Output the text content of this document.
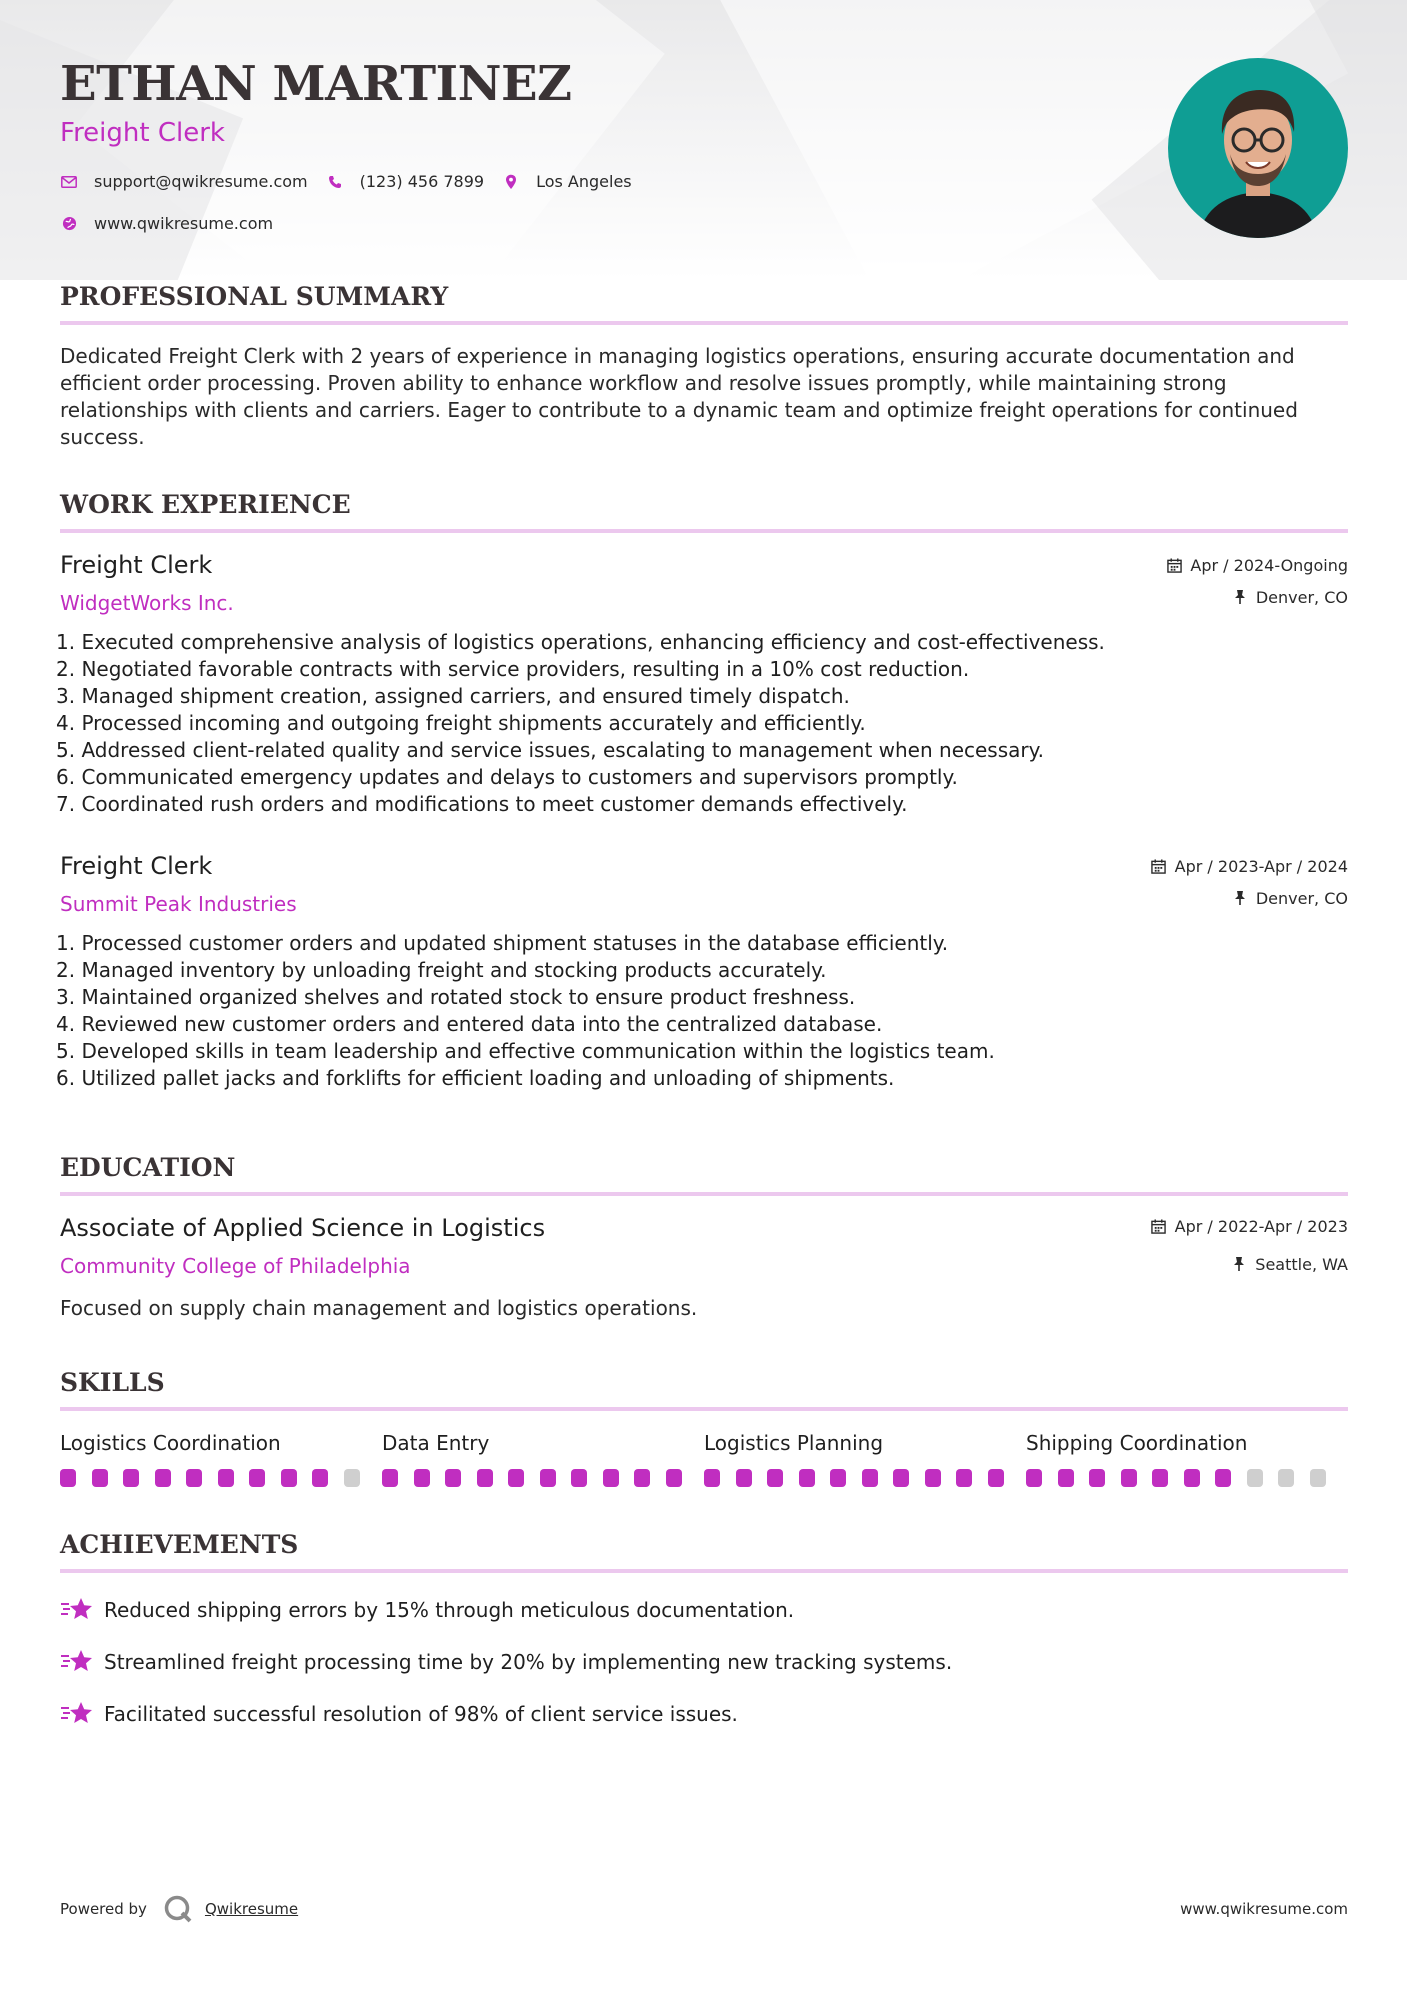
ETHAN MARTINEZ
Freight Clerk
support@qwikresume.com	(123) 456 7899	Los Angeles
www.qwikresume.com
PROFESSIONAL SUMMARY

Dedicated Freight Clerk with 2 years of experience in managing logistics operations, ensuring accurate documentation and efficient order processing. Proven ability to enhance workflow and resolve issues promptly, while maintaining strong relationships with clients and carriers. Eager to contribute to a dynamic team and optimize freight operations for continued success.

WORK EXPERIENCE
Freight Clerk
WidgetWorks Inc.
Apr / 2024-Ongoing
Denver, CO
1. Executed comprehensive analysis of logistics operations, enhancing efficiency and cost-effectiveness.
2. Negotiated favorable contracts with service providers, resulting in a 10% cost reduction.
3. Managed shipment creation, assigned carriers, and ensured timely dispatch.
4. Processed incoming and outgoing freight shipments accurately and efficiently.
5. Addressed client-related quality and service issues, escalating to management when necessary.
6. Communicated emergency updates and delays to customers and supervisors promptly.
7. Coordinated rush orders and modifications to meet customer demands effectively.
Freight Clerk
Summit Peak Industries
Apr / 2023-Apr / 2024
Denver, CO
1. Processed customer orders and updated shipment statuses in the database efficiently.
2. Managed inventory by unloading freight and stocking products accurately.
3. Maintained organized shelves and rotated stock to ensure product freshness.
4. Reviewed new customer orders and entered data into the centralized database.
5. Developed skills in team leadership and effective communication within the logistics team.
6. Utilized pallet jacks and forklifts for efficient loading and unloading of shipments.
EDUCATION
Associate of Applied Science in Logistics
Community College of Philadelphia
Apr / 2022-Apr / 2023
Seattle, WA

Focused on supply chain management and logistics operations.

SKILLS
Logistics Coordination	Data Entry	Logistics Planning	Shipping Coordination
ACHIEVEMENTS
Reduced shipping errors by 15% through meticulous documentation.
Streamlined freight processing time by 20% by implementing new tracking systems.
Facilitated successful resolution of 98% of client service issues.
Powered by	Qwikresume	www.qwikresume.com
